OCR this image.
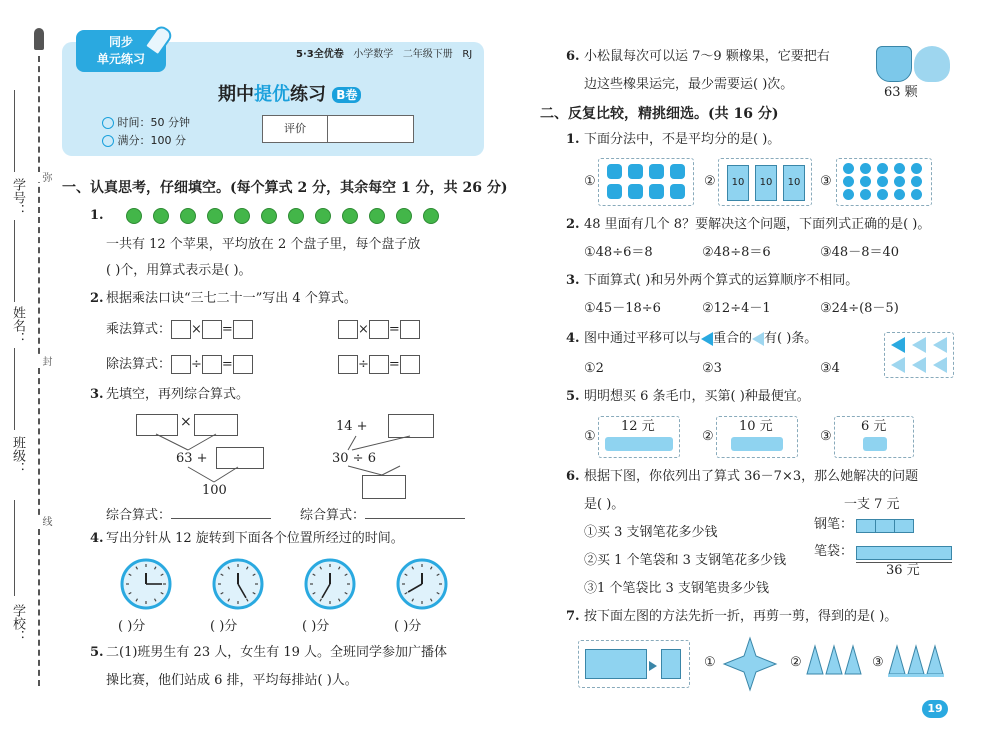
学号：
弥
姓名：
封
班级：
线
学校：
同步
单元练习	5·3全优卷 小学数学 二年级下册 RJ
期中提优练习 B卷
时间：50 分钟
满分：100 分
评价
一、认真思考，仔细填空。(每个算式 2 分，其余每空 1 分，共 26 分)
1.
一共有 12 个苹果，平均放在 2 个盘子里，每个盘子放
( )个，用算式表示是( )。
2. 根据乘法口诀“三七二十一”写出 4 个算式。
乘法算式： × =	× =
除法算式： ÷ =	÷ =
3. 先填空，再列综合算式。
×
63 +
100
14 +
30 ÷ 6
综合算式：	综合算式：
4. 写出分针从 12 旋转到下面各个位置所经过的时间。
( )分	( )分	( )分	( )分
5. 二(1)班男生有 23 人，女生有 19 人。全班同学参加广播体
操比赛，他们站成 6 排，平均每排站( )人。
6. 小松鼠每次可以运 7～9 颗橡果，它要把右
边这些橡果运完，最少需要运( )次。
63 颗
二、反复比较，精挑细选。(共 16 分)
1. 下面分法中，不是平均分的是( )。
①	②	10	10	10	③
2. 48 里面有几个 8？要解决这个问题，下面列式正确的是( )。
①48÷6＝8	②48÷8＝6	③48－8＝40
3. 下面算式( )和另外两个算式的运算顺序不相同。
①45－18÷6	②12÷4－1	③24÷(8－5)
4. 图中通过平移可以与 重合的 有( )条。
①2	②3	③4
5. 明明想买 6 条毛巾，买第( )种最便宜。
①
12 元
②
10 元
③
6 元
6. 根据下图，你依列出了算式 36－7×3，那么她解决的问题
是( )。
①买 3 支钢笔花多少钱
②买 1 个笔袋和 3 支钢笔花多少钱
③1 个笔袋比 3 支钢笔贵多少钱
一支 7 元
钢笔：
笔袋：
36 元
7. 按下面左图的方法先折一折，再剪一剪，得到的是( )。
①	②	③
19
